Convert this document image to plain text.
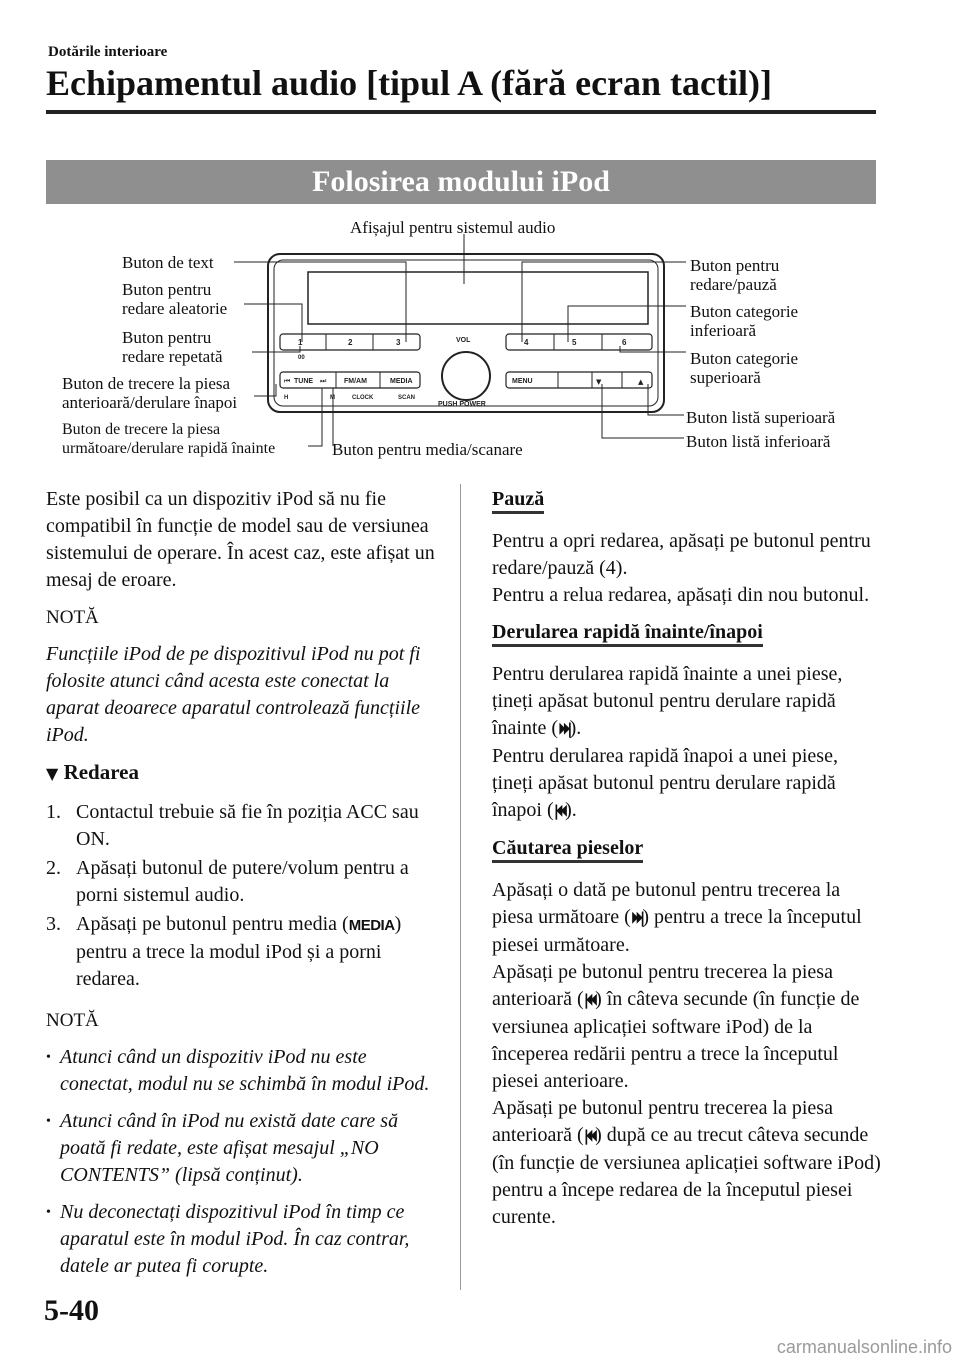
Dotările interioare
Echipamentul audio [tipul A (fără ecran tactil)]
Folosirea modului iPod
1	2	3	4	5	6
00
VOL
PUSH POWER
TUNE	FM/AM	MEDIA	MENU
H	M	CLOCK	SCAN
⏮	⏭	▼	▲
Afișajul pentru sistemul audio
Buton de text
Buton pentru
redare aleatorie
Buton pentru
redare repetată
Buton de trecere la piesa
anterioară/derulare înapoi
Buton de trecere la piesa
următoare/derulare rapidă înainte	Buton pentru media/scanare
Buton pentru
redare/pauză
Buton categorie
inferioară
Buton categorie
superioară
Buton listă superioară
Buton listă inferioară

Este posibil ca un dispozitiv iPod să nu fie compatibil în funcție de model sau de versiunea sistemului de operare. În acest caz, este afișat un mesaj de eroare.

NOTĂ

Funcțiile iPod de pe dispozitivul iPod nu pot fi folosite atunci când acesta este conectat la aparat deoarece aparatul controlează funcțiile iPod.

▼ Redarea

1. Contactul trebuie să fie în poziția ACC sau ON.
2. Apăsați butonul de putere/volum pentru a porni sistemul audio.
3. Apăsați pe butonul pentru media (MEDIA) pentru a trece la modul iPod și a porni redarea.

NOTĂ

• Atunci când un dispozitiv iPod nu este conectat, modul nu se schimbă în modul iPod.

• Atunci când în iPod nu există date care să poată fi redate, este afișat mesajul „NO CONTENTS” (lipsă conținut).

• Nu deconectați dispozitivul iPod în timp ce aparatul este în modul iPod. În caz contrar, datele ar putea fi corupte.

Pauză

Pentru a opri redarea, apăsați pe butonul pentru redare/pauză (4).

Pentru a relua redarea, apăsați din nou butonul.

Derularea rapidă înainte/înapoi

Pentru derularea rapidă înainte a unei piese, țineți apăsat butonul pentru derulare rapidă înainte (⏵⏵|).

Pentru derularea rapidă înapoi a unei piese, țineți apăsat butonul pentru derulare rapidă înapoi (|⏴⏴).

Căutarea pieselor

Apăsați o dată pe butonul pentru trecerea la piesa următoare (⏵⏵|) pentru a trece la începutul piesei următoare.

Apăsați pe butonul pentru trecerea la piesa anterioară (|⏴⏴) în câteva secunde (în funcție de versiunea aplicației software iPod) de la începerea redării pentru a trece la începutul piesei anterioare.

Apăsați pe butonul pentru trecerea la piesa anterioară (|⏴⏴) după ce au trecut câteva secunde (în funcție de versiunea aplicației software iPod) pentru a începe redarea de la începutul piesei curente.

5-40
carmanualsonline.info
